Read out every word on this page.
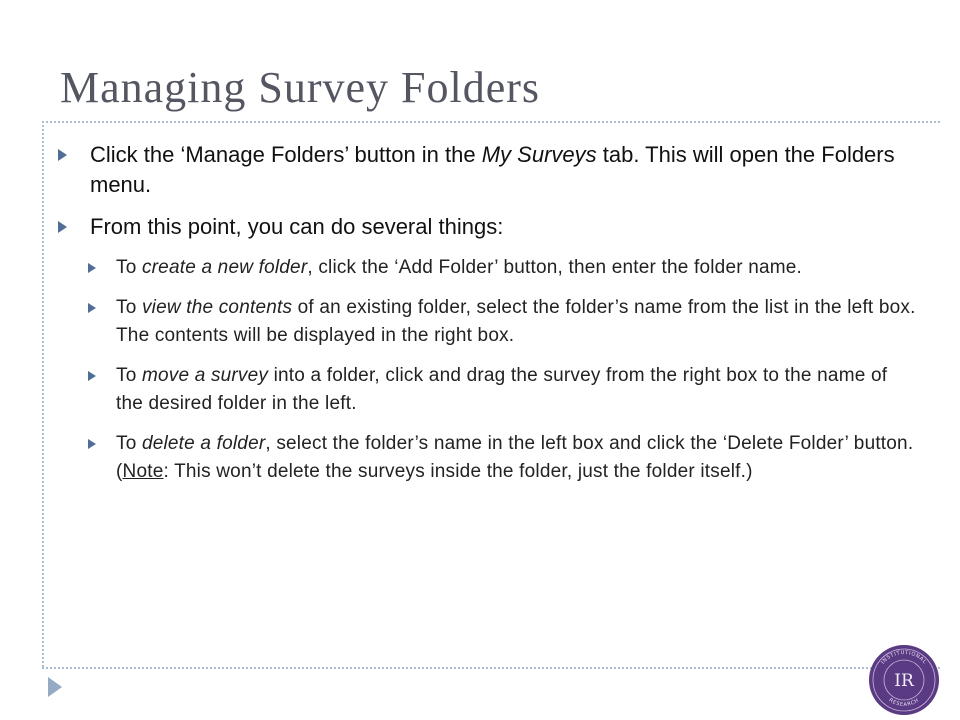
Managing Survey Folders
Click the ‘Manage Folders’ button in the My Surveys tab. This will open the Folders menu.
From this point, you can do several things:
To create a new folder, click the ‘Add Folder’ button, then enter the folder name.
To view the contents of an existing folder, select the folder’s name from the list in the left box. The contents will be displayed in the right box.
To move a survey into a folder, click and drag the survey from the right box to the name of the desired folder in the left.
To delete a folder, select the folder’s name in the left box and click the ‘Delete Folder’ button. (Note: This won’t delete the surveys inside the folder, just the folder itself.)
INSTITUTIONAL
RESEARCH
IR
